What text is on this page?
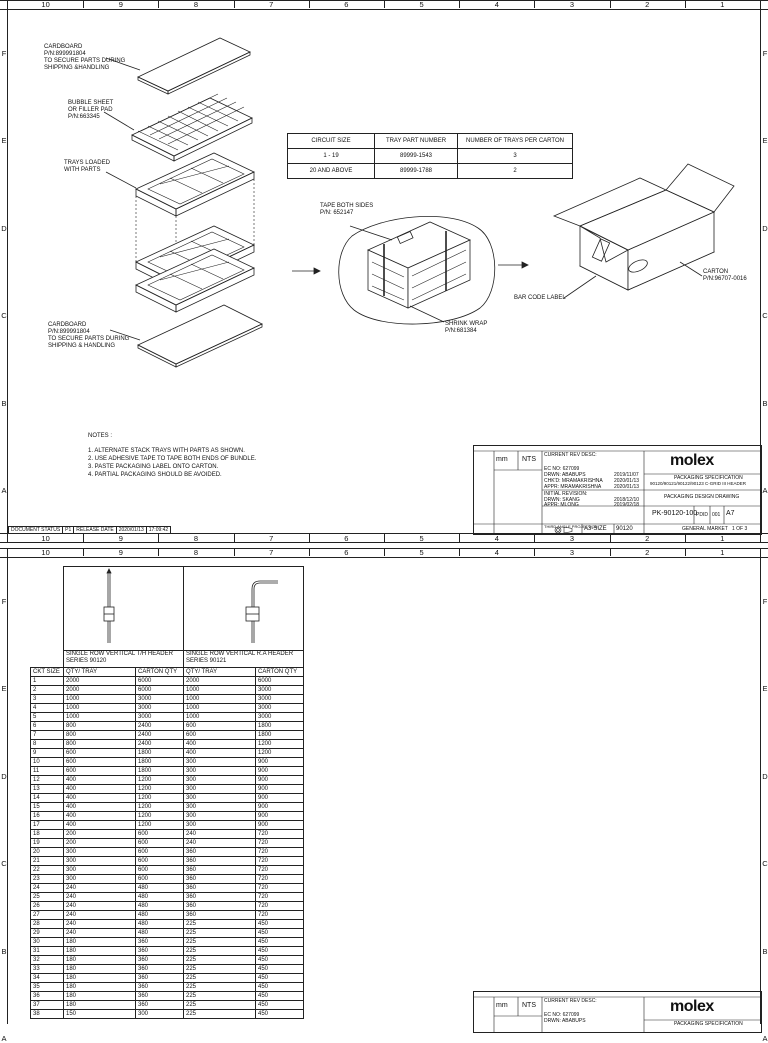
10	9	8	7	6	5	4	3	2	1
10	9	8	7	6	5	4	3	2	1
F
E
D
C
B
A
F
E
D
C
B
A
CARDBOARD
P/N:899991804
TO SECURE PARTS DURING
SHIPPING &HANDLING
BUBBLE SHEET
OR FILLER PAD
P/N:663345
TRAYS LOADED
WITH PARTS
TAPE BOTH SIDES
P/N: 652147
SHRINK WRAP
P/N:681384
BAR CODE LABEL
CARTON
P/N:96707-0016
CARDBOARD
P/N:899991804
TO SECURE PARTS DURING
SHIPPING & HANDLING
CIRCUIT SIZE	TRAY PART NUMBER	NUMBER OF TRAYS PER CARTON
1 - 19	89999-1543	3
20 AND ABOVE	89999-1788	2
NOTES :
1. ALTERNATE STACK TRAYS WITH PARTS AS SHOWN.
2. USE ADHESIVE TAPE TO TAPE BOTH ENDS OF BUNDLE.
3. PASTE PACKAGING LABEL ONTO CARTON.
4. PARTIAL PACKAGING SHOULD BE AVOIDED.
DOCUMENT STATUS	P1	RELEASE DATE	2020/01/13	17:09:42
mm NTS
CURRENT REV DESC:
EC NO: 627099
DRWN: ABABUPS	2019/11/07
CHK'D: MRAMAKRISHNA 2020/01/13
APPR: MRAMAKRISHNA	2020/01/13
INITIAL REVISION:
DRWN: SKANG	2018/12/10
APPR: MLONG	2019/02/18
molex
PACKAGING SPECIFICATION
90120/90121/90122/90123 C-GRID III HEADER
PACKAGING DESIGN DRAWING
PK-90120-100
PDID 001 A7
A3-SIZE 90120	GENERAL MARKET 1 OF 3
THIRD ANGLE PROJECTION
10	9	8	7	6	5	4	3	2	1
F
E
D
C
B
A
F
E
D
C
B
A

	SINGLE ROW VERTICAL T/H HEADER SERIES 90120		SINGLE ROW VERTICAL R.A HEADER SERIES 90121	
CKT SIZE	QTY/ TRAY	CARTON QTY	QTY/ TRAY	CARTON QTY
1	2000	6000	2000	6000
2	2000	6000	1000	3000
3	1000	3000	1000	3000
4	1000	3000	1000	3000
5	1000	3000	1000	3000
6	800	2400	600	1800
7	800	2400	600	1800
8	800	2400	400	1200
9	600	1800	400	1200
10	600	1800	300	900
11	600	1800	300	900
12	400	1200	300	900
13	400	1200	300	900
14	400	1200	300	900
15	400	1200	300	900
16	400	1200	300	900
17	400	1200	300	900
18	200	600	240	720
19	200	600	240	720
20	300	600	360	720
21	300	600	360	720
22	300	600	360	720
23	300	600	360	720
24	240	480	360	720
25	240	480	360	720
26	240	480	360	720
27	240	480	360	720
28	240	480	225	450
29	240	480	225	450
30	180	360	225	450
31	180	360	225	450
32	180	360	225	450
33	180	360	225	450
34	180	360	225	450
35	180	360	225	450
36	180	360	225	450
37	180	360	225	450
38	150	300	225	450
mm NTS
CURRENT REV DESC:
EC NO: 627099
DRWN: ABABUPS
molex
PACKAGING SPECIFICATION
